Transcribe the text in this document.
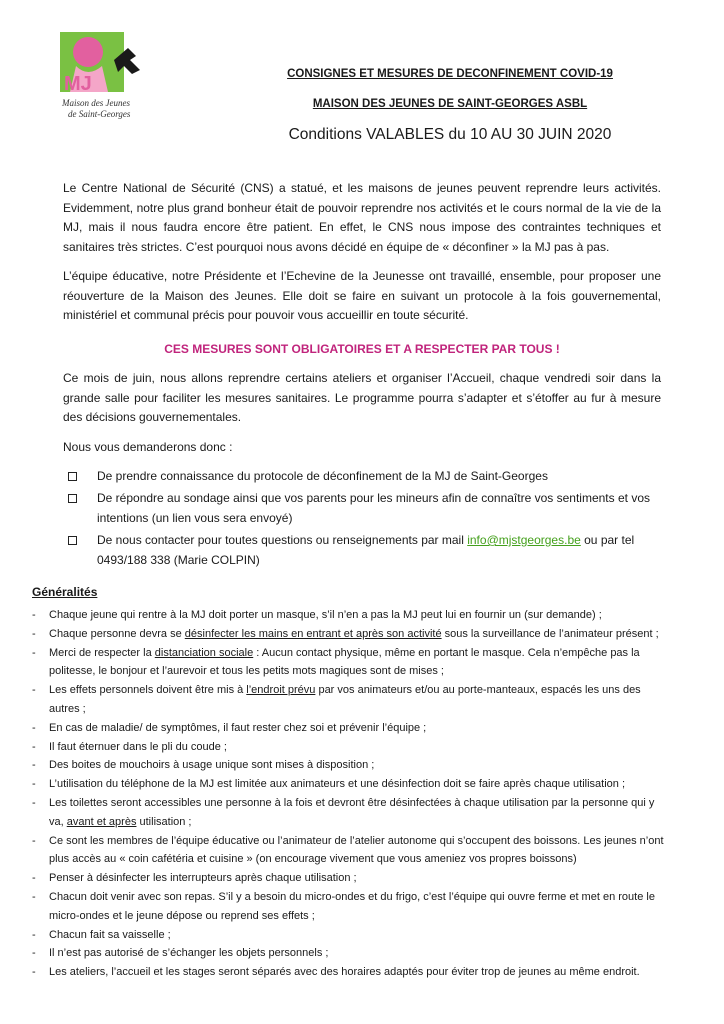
MJ
Maison des Jeunes
de Saint-Georges
CONSIGNES ET MESURES DE DECONFINEMENT COVID-19
MAISON DES JEUNES DE SAINT-GEORGES ASBL
Conditions VALABLES du 10 AU 30 JUIN 2020
Le Centre National de Sécurité (CNS) a statué, et les maisons de jeunes peuvent reprendre leurs activités. Evidemment, notre plus grand bonheur était de pouvoir reprendre nos activités et le cours normal de la vie de la MJ, mais il nous faudra encore être patient. En effet, le CNS nous impose des contraintes techniques et sanitaires très strictes. C’est pourquoi nous avons décidé en équipe de « déconfiner » la MJ pas à pas.
L’équipe éducative, notre Présidente et l’Echevine de la Jeunesse ont travaillé, ensemble, pour proposer une réouverture de la Maison des Jeunes. Elle doit se faire en suivant un protocole à la fois gouvernemental, ministériel et communal précis pour pouvoir vous accueillir en toute sécurité.
CES MESURES SONT OBLIGATOIRES ET A RESPECTER PAR TOUS !
Ce mois de juin, nous allons reprendre certains ateliers et organiser l’Accueil, chaque vendredi soir dans la grande salle pour faciliter les mesures sanitaires. Le programme pourra s’adapter et s’étoffer au fur à mesure des décisions gouvernementales.
Nous vous demanderons donc :
De prendre connaissance du protocole de déconfinement de la MJ de Saint-Georges
De répondre au sondage ainsi que vos parents pour les mineurs afin de connaître vos sentiments et vos intentions (un lien vous sera envoyé)
De nous contacter pour toutes questions ou renseignements par mail info@mjstgeorges.be ou par tel 0493/188 338 (Marie COLPIN)
Généralités
- Chaque jeune qui rentre à la MJ doit porter un masque, s’il n’en a pas la MJ peut lui en fournir un (sur demande) ;
- Chaque personne devra se désinfecter les mains en entrant et après son activité sous la surveillance de l’animateur présent ;
- Merci de respecter la distanciation sociale : Aucun contact physique, même en portant le masque. Cela n’empêche pas la politesse, le bonjour et l’aurevoir et tous les petits mots magiques sont de mises ;
- Les effets personnels doivent être mis à l’endroit prévu par vos animateurs et/ou au porte-manteaux, espacés les uns des autres ;
- En cas de maladie/ de symptômes, il faut rester chez soi et prévenir l’équipe ;
- Il faut éternuer dans le pli du coude ;
- Des boites de mouchoirs à usage unique sont mises à disposition ;
- L’utilisation du téléphone de la MJ est limitée aux animateurs et une désinfection doit se faire après chaque utilisation ;
- Les toilettes seront accessibles une personne à la fois et devront être désinfectées à chaque utilisation par la personne qui y va, avant et après utilisation ;
- Ce sont les membres de l’équipe éducative ou l’animateur de l’atelier autonome qui s’occupent des boissons. Les jeunes n’ont plus accès au « coin cafétéria et cuisine » (on encourage vivement que vous ameniez vos propres boissons)
- Penser à désinfecter les interrupteurs après chaque utilisation ;
- Chacun doit venir avec son repas. S’il y a besoin du micro-ondes et du frigo, c’est l’équipe qui ouvre ferme et met en route le micro-ondes et le jeune dépose ou reprend ses effets ;
- Chacun fait sa vaisselle ;
- Il n’est pas autorisé de s’échanger les objets personnels ;
- Les ateliers, l’accueil et les stages seront séparés avec des horaires adaptés pour éviter trop de jeunes au même endroit.
